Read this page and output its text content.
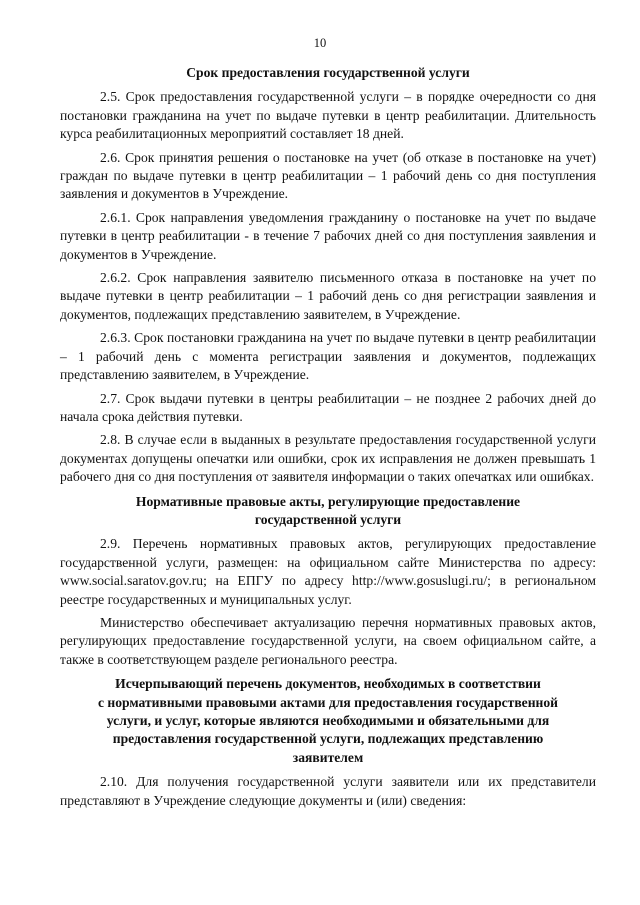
10
Срок предоставления государственной услуги

2.5. Срок предоставления государственной услуги – в порядке очередности со дня постановки гражданина на учет по выдаче путевки в центр реабилитации. Длительность курса реабилитационных мероприятий составляет 18 дней.

2.6. Срок принятия решения о постановке на учет (об отказе в постановке на учет) граждан по выдаче путевки в центр реабилитации – 1 рабочий день со дня поступления заявления и документов в Учреждение.

2.6.1. Срок направления уведомления гражданину о постановке на учет по выдаче путевки в центр реабилитации - в течение 7 рабочих дней со дня поступления заявления и документов в Учреждение.

2.6.2. Срок направления заявителю письменного отказа в постановке на учет по выдаче путевки в центр реабилитации – 1 рабочий день со дня регистрации заявления и документов, подлежащих представлению заявителем, в Учреждение.

2.6.3. Срок постановки гражданина на учет по выдаче путевки в центр реабилитации – 1 рабочий день с момента регистрации заявления и документов, подлежащих представлению заявителем, в Учреждение.

2.7. Срок выдачи путевки в центры реабилитации – не позднее 2 рабочих дней до начала срока действия путевки.

2.8. В случае если в выданных в результате предоставления государственной услуги документах допущены опечатки или ошибки, срок их исправления не должен превышать 1 рабочего дня со дня поступления от заявителя информации о таких опечатках или ошибках.

Нормативные правовые акты, регулирующие предоставление
государственной услуги

2.9. Перечень нормативных правовых актов, регулирующих предоставление государственной услуги, размещен: на официальном сайте Министерства по адресу: www.social.saratov.gov.ru; на ЕПГУ по адресу http://www.gosuslugi.ru/; в региональном реестре государственных и муниципальных услуг.

Министерство обеспечивает актуализацию перечня нормативных правовых актов, регулирующих предоставление государственной услуги, на своем официальном сайте, а также в соответствующем разделе регионального реестра.

Исчерпывающий перечень документов, необходимых в соответствии
с нормативными правовыми актами для предоставления государственной
услуги, и услуг, которые являются необходимыми и обязательными для
предоставления государственной услуги, подлежащих представлению
заявителем

2.10. Для получения государственной услуги заявители или их представители представляют в Учреждение следующие документы и (или) сведения:
